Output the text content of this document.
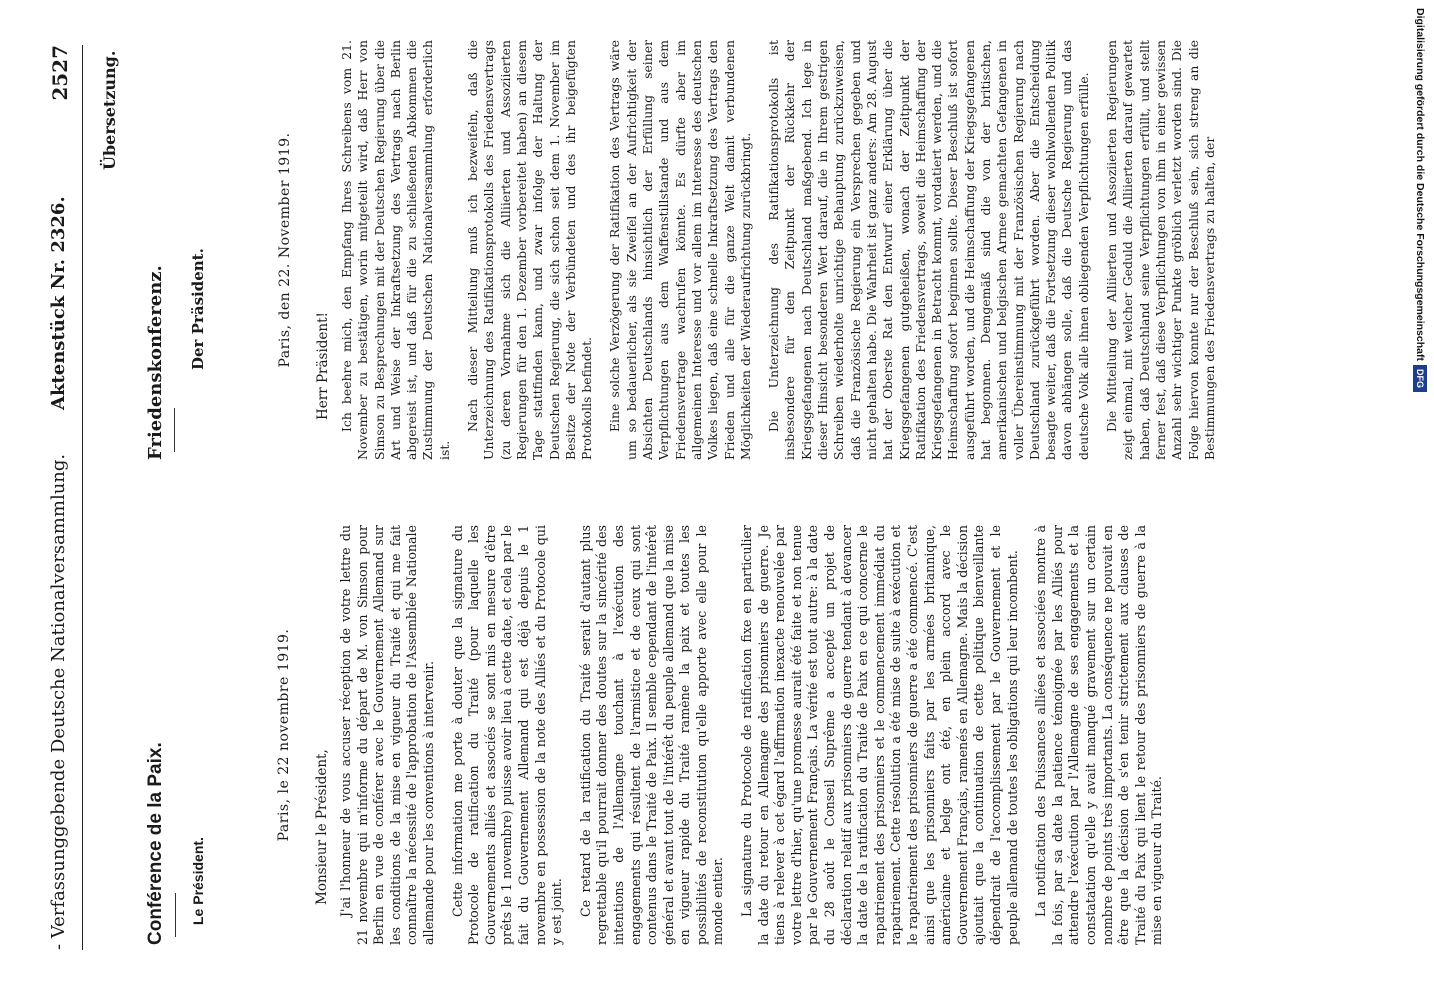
- Verfassunggebende Deutsche Nationalversammlung.
Aktenstück Nr. 2326.
2527 Übersetzung.
Conférence de la Paix. Le Président.
Paris, le 22 novembre 1919. Monsieur le Président, J'ai l'honneur de vous accuser réception de votre lettre du 21 novembre qui m'informe du départ de M. von Simson pour Berlin en vue de conférer avec le Gouvernement Allemand sur les conditions de la mise en vigueur du Traité et qui me fait connaître la nécessité de l'approbation de l'Assemblée Nationale allemande pour les conventions à intervenir. Cette information me porte à douter que la signature du Protocole de ratification du Traité (pour laquelle les Gouvernements alliés et associés se sont mis en mesure d'être prêts le 1 novembre) puisse avoir lieu à cette date, et cela par le fait du Gouvernement Allemand qui est déjà depuis le 1 novembre en possession de la note des Alliés et du Protocole qui y est joint. Ce retard de la ratification du Traité serait d'autant plus regrettable qu'il pourrait donner des doutes sur la sincérité des intentions de l'Allemagne touchant à l'exécution des engagements qui résultent de l'armistice et de ceux qui sont contenus dans le Traité de Paix. Il semble cependant de l'intérêt général et avant tout de l'intérêt du peuple allemand que la mise en vigueur rapide du Traité ramène la paix et toutes les possibilités de reconstitution qu'elle apporte avec elle pour le monde entier. La signature du Protocole de ratification fixe en particulier la date du retour en Allemagne des prisonniers de guerre. Je tiens à relever à cet égard l'affirmation inexacte renouvelée par votre lettre d'hier, qu'une promesse aurait été faite et non tenue par le Gouvernement Français. La vérité est tout autre: à la date du 28 août le Conseil Suprême a accepté un projet de déclaration relatif aux prisonniers de guerre tendant à devancer la date de la ratification du Traité de Paix en ce qui concerne le rapatriement des prisonniers et le commencement immédiat du rapatriement. Cette résolution a été mise de suite à exécution et le rapatriement des prisonniers de guerre a été commencé. C'est ainsi que les prisonniers faits par les armées britannique, américaine et belge ont été, en plein accord avec le Gouvernement Français, ramenés en Allemagne. Mais la décision ajoutait que la continuation de cette politique bienveillante dépendrait de l'accomplissement par le Gouvernement et le peuple allemand de toutes les obligations qui leur incombent. La notification des Puissances alliées et associées montre à la fois, par sa date la patience témoignée par les Alliés pour attendre l'exécution par l'Allemagne de ses engagements et la constatation qu'elle y avait manqué gravement sur un certain nombre de points très importants. La conséquence ne pouvait en être que la décision de s'en tenir strictement aux clauses de Traité du Paix qui lient le retour des prisonniers de guerre à la mise en vigueur du Traité.

Friedenskonferenz. Der Präsident.	Paris, den 22. November 1919. Herr Präsident! Ich beehre mich, den Empfang Ihres Schreibens vom 21. November zu bestätigen, worin mitgeteilt wird, daß Herr von Simson zu Besprechungen mit der Deutschen Regierung über die Art und Weise der Inkraftsetzung des Vertrags nach Berlin abgereist ist, und daß für die zu schließenden Abkommen die Zustimmung der Deutschen Nationalversammlung erforderlich ist.

Nach dieser Mitteilung muß ich bezweifeln, daß die Unterzeichnung des Ratifikationsprotokolls des Friedensvertrags (zu deren Vornahme sich die Alliierten und Assoziierten Regierungen für den 1. Dezember vorbereitet haben) an diesem Tage stattfinden kann, und zwar infolge der Haltung der Deutschen Regierung, die sich schon seit dem 1. November im Besitze der Note der Verbündeten und des ihr beigefügten Protokolls befindet. Eine solche Verzögerung der Ratifikation des Vertrags wäre um so bedauerlicher, als sie Zweifel an der Aufrichtigkeit der Absichten Deutschlands hinsichtlich der Erfüllung seiner Verpflichtungen aus dem Waffenstillstande und aus dem Friedensvertrage wachrufen könnte. Es dürfte aber im allgemeinen Interesse und vor allem im Interesse des deutschen Volkes liegen, daß eine schnelle Inkraftsetzung des Vertrags den Frieden und alle für die ganze Welt damit verbundenen Möglichkeiten der Wiederaufrichtung zurückbringt. Die Unterzeichnung des Ratifikationsprotokolls ist insbesondere für den Zeitpunkt der Rückkehr der Kriegsgefangenen nach Deutschland maßgebend. Ich lege in dieser Hinsicht besonderen Wert darauf, die in Ihrem gestrigen Schreiben wiederholte unrichtige Behauptung zurückzuweisen, daß die Französische Regierung ein Versprechen gegeben und nicht gehalten habe. Die Wahrheit ist ganz anders: Am 28. August hat der Oberste Rat den Entwurf einer Erklärung über die Kriegsgefangenen gutgeheißen, wonach der Zeitpunkt der Ratifikation des Friedensvertrags, soweit die Heimschaffung der Kriegsgefangenen in Betracht kommt, vordatiert werden, und die Heimschaffung sofort beginnen sollte. Dieser Beschluß ist sofort ausgeführt worden, und die Heimschaffung der Kriegsgefangenen hat begonnen. Demgemäß sind die von der britischen, amerikanischen und belgischen Armee gemachten Gefangenen in voller Übereinstimmung mit der Französischen Regierung nach Deutschland zurückgeführt worden. Aber die Entscheidung besagte weiter, daß die Fortsetzung dieser wohlwollenden Politik davon abhängen solle, daß die Deutsche Regierung und das deutsche Volk alle ihnen obliegenden Verpflichtungen erfülle. Die Mitteilung der Alliierten und Assoziierten Regierungen zeigt einmal, mit welcher Geduld die Alliierten darauf gewartet haben, daß Deutschland seine Verpflichtungen erfüllt, und stellt ferner fest, daß diese Verpflichtungen von ihm in einer gewissen Anzahl sehr wichtiger Punkte gröblich verletzt worden sind. Die Folge hiervon konnte nur der Beschluß sein, sich streng an die Bestimmungen des Friedensvertrags zu halten, der	Digitalisierung gefördert durch die Deutsche ForschungsgemeinschaftDFG
